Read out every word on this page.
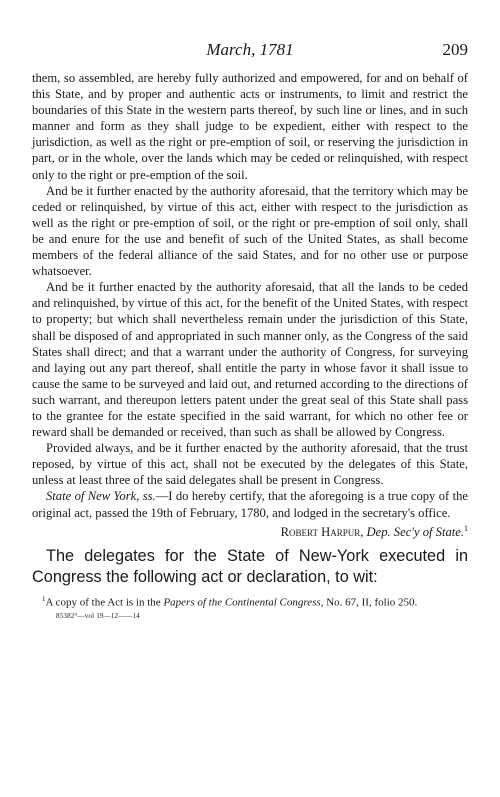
March, 1781	209

them, so assembled, are hereby fully authorized and empowered, for and on behalf of this State, and by proper and authentic acts or instruments, to limit and restrict the boundaries of this State in the western parts thereof, by such line or lines, and in such manner and form as they shall judge to be expedient, either with respect to the jurisdiction, as well as the right or pre-emption of soil, or reserving the jurisdiction in part, or in the whole, over the lands which may be ceded or relinquished, with respect only to the right or pre-emption of the soil.

And be it further enacted by the authority aforesaid, that the territory which may be ceded or relinquished, by virtue of this act, either with respect to the jurisdiction as well as the right or pre-emption of soil, or the right or pre-emption of soil only, shall be and enure for the use and benefit of such of the United States, as shall become members of the federal alliance of the said States, and for no other use or purpose whatsoever.

And be it further enacted by the authority aforesaid, that all the lands to be ceded and relinquished, by virtue of this act, for the benefit of the United States, with respect to property; but which shall nevertheless remain under the jurisdiction of this State, shall be disposed of and appropriated in such manner only, as the Congress of the said States shall direct; and that a warrant under the authority of Congress, for surveying and laying out any part thereof, shall entitle the party in whose favor it shall issue to cause the same to be surveyed and laid out, and returned according to the directions of such warrant, and thereupon letters patent under the great seal of this State shall pass to the grantee for the estate specified in the said warrant, for which no other fee or reward shall be demanded or received, than such as shall be allowed by Congress.

Provided always, and be it further enacted by the authority aforesaid, that the trust reposed, by virtue of this act, shall not be executed by the delegates of this State, unless at least three of the said delegates shall be present in Congress.

State of New York, ss.—I do hereby certify, that the aforegoing is a true copy of the original act, passed the 19th of February, 1780, and lodged in the secretary's office.

Robert Harpur, Dep. Sec'y of State.$^1$

The delegates for the State of New-York executed in Congress the following act or declaration, to wit:

$^1$A copy of the Act is in the Papers of the Continental Congress, No. 67, II, folio 250.
85382°—vol 19—12——14
